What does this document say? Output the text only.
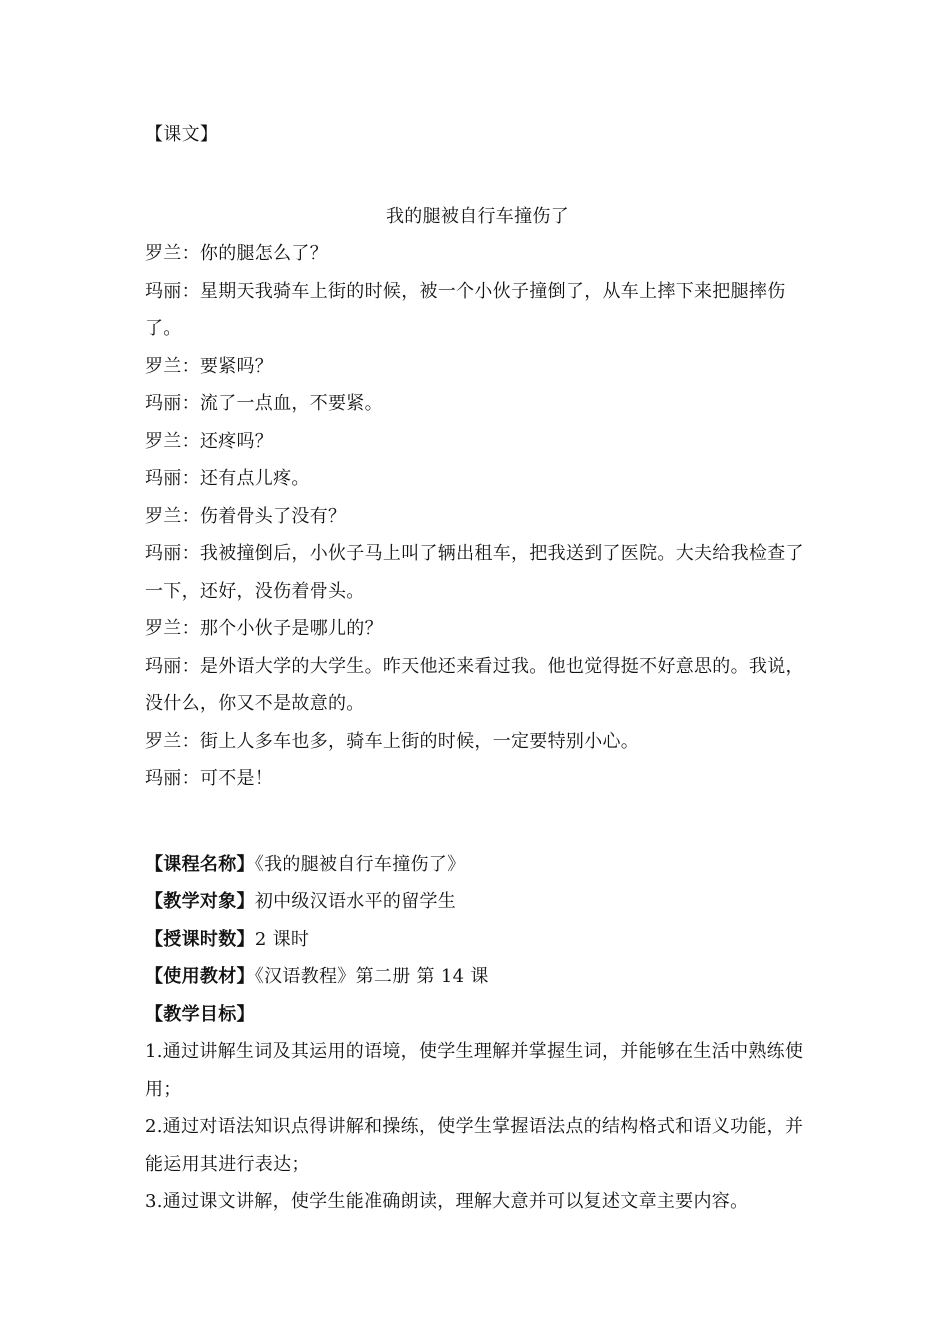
【课文】
我的腿被自行车撞伤了
罗兰：你的腿怎么了？
玛丽：星期天我骑车上街的时候，被一个小伙子撞倒了，从车上摔下来把腿摔伤了。
罗兰：要紧吗？
玛丽：流了一点血，不要紧。
罗兰：还疼吗？
玛丽：还有点儿疼。
罗兰：伤着骨头了没有？
玛丽：我被撞倒后，小伙子马上叫了辆出租车，把我送到了医院。大夫给我检查了一下，还好，没伤着骨头。
罗兰：那个小伙子是哪儿的？
玛丽：是外语大学的大学生。昨天他还来看过我。他也觉得挺不好意思的。我说，没什么，你又不是故意的。
罗兰：街上人多车也多，骑车上街的时候，一定要特别小心。
玛丽：可不是！
【课程名称】《我的腿被自行车撞伤了》
【教学对象】初中级汉语水平的留学生
【授课时数】2 课时
【使用教材】《汉语教程》第二册 第 14 课
【教学目标】
1.通过讲解生词及其运用的语境，使学生理解并掌握生词，并能够在生活中熟练使用；
2.通过对语法知识点得讲解和操练，使学生掌握语法点的结构格式和语义功能，并能运用其进行表达；
3.通过课文讲解，使学生能准确朗读，理解大意并可以复述文章主要内容。
